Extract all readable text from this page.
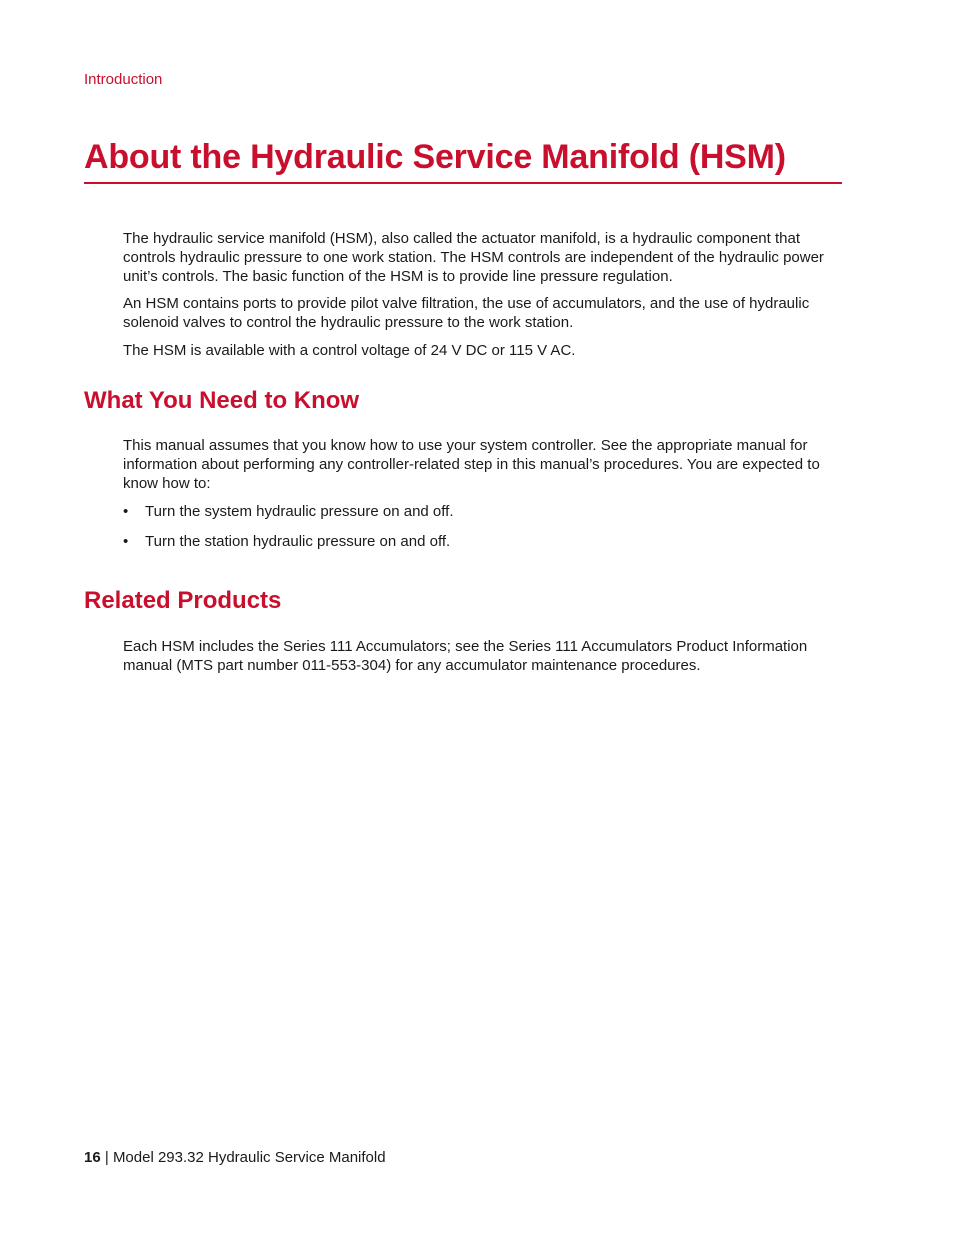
Introduction

About the Hydraulic Service Manifold (HSM)

The hydraulic service manifold (HSM), also called the actuator manifold, is a hydraulic component that controls hydraulic pressure to one work station. The HSM controls are independent of the hydraulic power unit’s controls. The basic function of the HSM is to provide line pressure regulation.

An HSM contains ports to provide pilot valve filtration, the use of accumulators, and the use of hydraulic solenoid valves to control the hydraulic pressure to the work station.

The HSM is available with a control voltage of 24 V DC or 115 V AC.

What You Need to Know

This manual assumes that you know how to use your system controller. See the appropriate manual for information about performing any controller-related step in this manual’s procedures. You are expected to know how to:

• Turn the system hydraulic pressure on and off.

• Turn the station hydraulic pressure on and off.

Related Products

Each HSM includes the Series 111 Accumulators; see the Series 111 Accumulators Product Information manual (MTS part number 011-553-304) for any accumulator maintenance procedures.

16 | Model 293.32 Hydraulic Service Manifold
